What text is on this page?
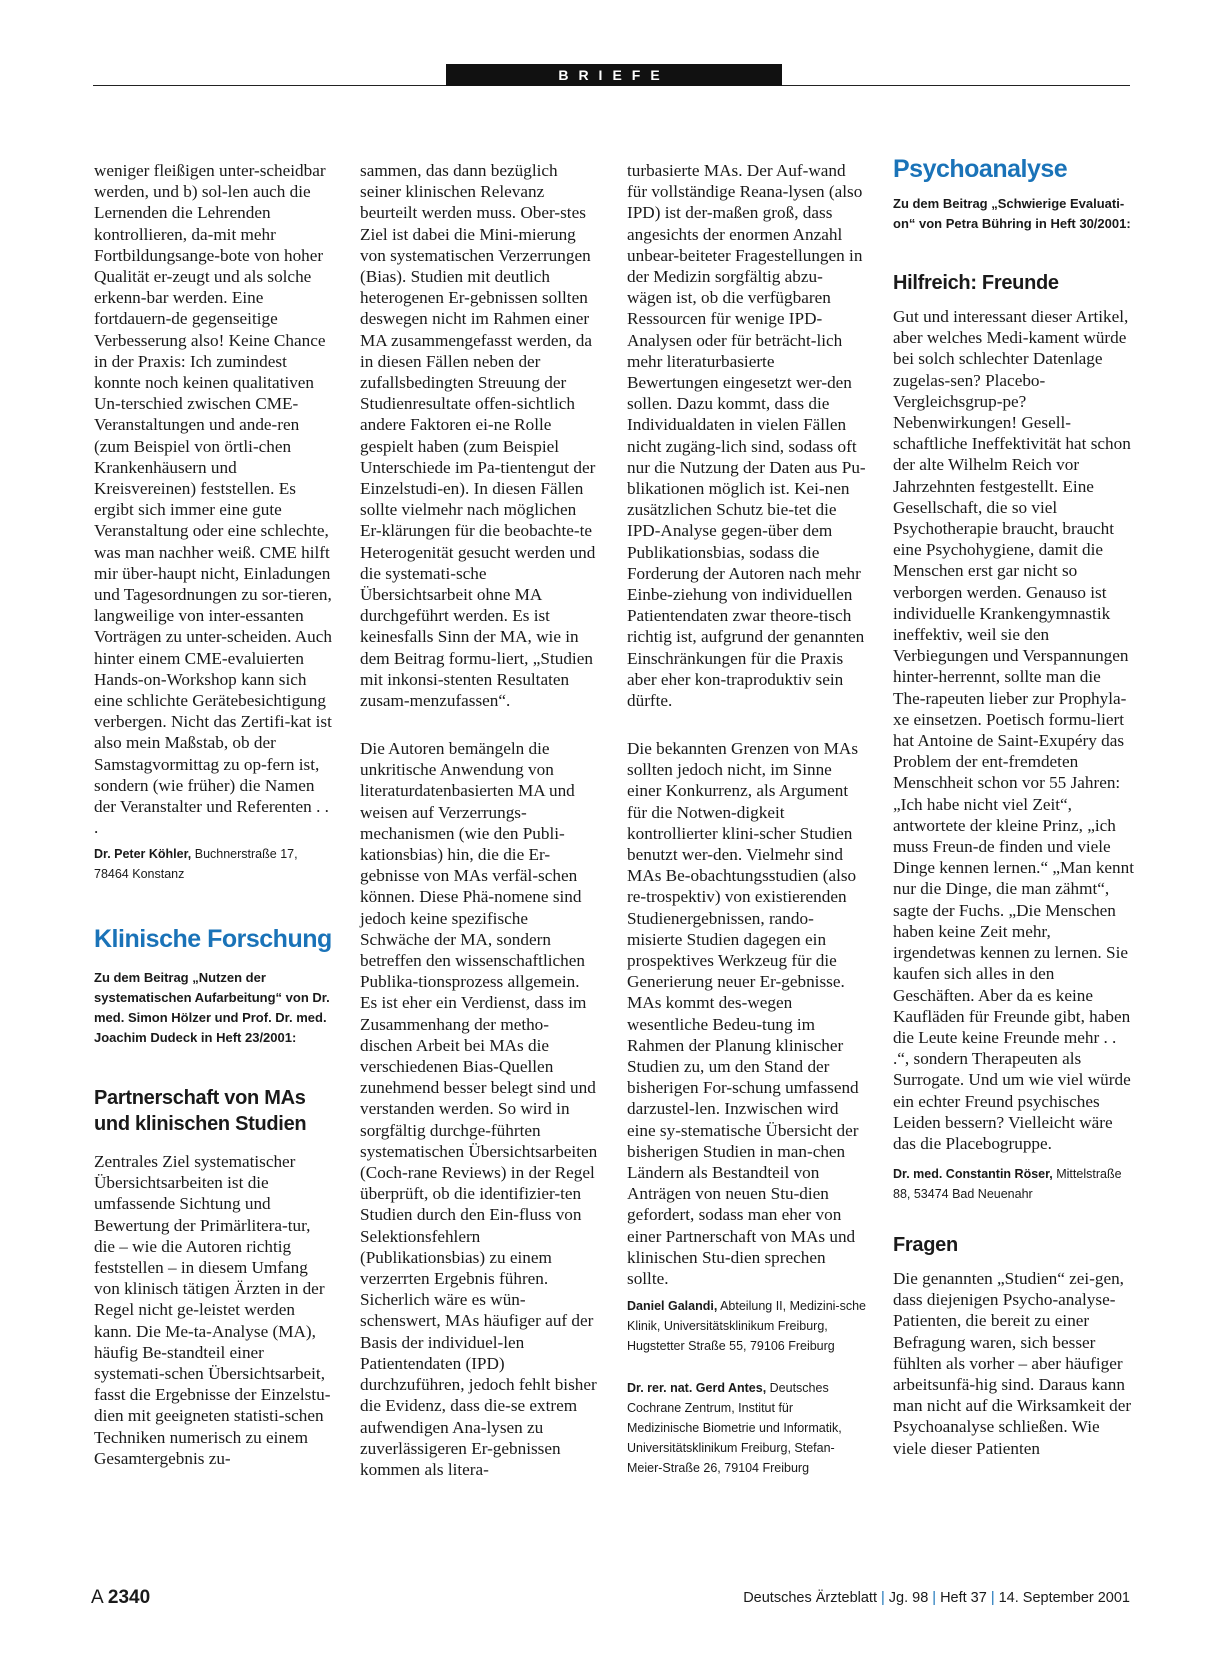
BRIEFE

weniger fleißigen unter-scheidbar werden, und b) sol-len auch die Lernenden die Lehrenden kontrollieren, da-mit mehr Fortbildungsange-bote von hoher Qualität er-zeugt und als solche erkenn-bar werden. Eine fortdauern-de gegenseitige Verbesserung also! Keine Chance in der Praxis: Ich zumindest konnte noch keinen qualitativen Un-terschied zwischen CME-Veranstaltungen und ande-ren (zum Beispiel von örtli-chen Krankenhäusern und Kreisvereinen) feststellen. Es ergibt sich immer eine gute Veranstaltung oder eine schlechte, was man nachher weiß. CME hilft mir über-haupt nicht, Einladungen und Tagesordnungen zu sor-tieren, langweilige von inter-essanten Vorträgen zu unter-scheiden. Auch hinter einem CME-evaluierten Hands-on-Workshop kann sich eine schlichte Gerätebesichtigung verbergen. Nicht das Zertifi-kat ist also mein Maßstab, ob der Samstagvormittag zu op-fern ist, sondern (wie früher) die Namen der Veranstalter und Referenten . . .

Dr. Peter Köhler, Buchnerstraße 17, 78464 Konstanz

Klinische Forschung

Zu dem Beitrag „Nutzen der systematischen Aufarbeitung“ von Dr. med. Simon Hölzer und Prof. Dr. med. Joachim Dudeck in Heft 23/2001:

Partnerschaft von MAs und klinischen Studien

Zentrales Ziel systematischer Übersichtsarbeiten ist die umfassende Sichtung und Bewertung der Primärlitera-tur, die – wie die Autoren richtig feststellen – in diesem Umfang von klinisch tätigen Ärzten in der Regel nicht ge-leistet werden kann. Die Me-ta-Analyse (MA), häufig Be-standteil einer systemati-schen Übersichtsarbeit, fasst die Ergebnisse der Einzelstu-dien mit geeigneten statisti-schen Techniken numerisch zu einem Gesamtergebnis zu-

sammen, das dann bezüglich seiner klinischen Relevanz beurteilt werden muss. Ober-stes Ziel ist dabei die Mini-mierung von systematischen Verzerrungen (Bias). Studien mit deutlich heterogenen Er-gebnissen sollten deswegen nicht im Rahmen einer MA zusammengefasst werden, da in diesen Fällen neben der zufallsbedingten Streuung der Studienresultate offen-sichtlich andere Faktoren ei-ne Rolle gespielt haben (zum Beispiel Unterschiede im Pa-tientengut der Einzelstudi-en). In diesen Fällen sollte vielmehr nach möglichen Er-klärungen für die beobachte-te Heterogenität gesucht werden und die systemati-sche Übersichtsarbeit ohne MA durchgeführt werden. Es ist keinesfalls Sinn der MA, wie in dem Beitrag formu-liert, „Studien mit inkonsi-stenten Resultaten zusam-menzufassen“.

Die Autoren bemängeln die unkritische Anwendung von literaturdatenbasierten MA und weisen auf Verzerrungs-mechanismen (wie den Publi-kationsbias) hin, die die Er-gebnisse von MAs verfäl-schen können. Diese Phä-nomene sind jedoch keine spezifische Schwäche der MA, sondern betreffen den wissenschaftlichen Publika-tionsprozess allgemein. Es ist eher ein Verdienst, dass im Zusammenhang der metho-dischen Arbeit bei MAs die verschiedenen Bias-Quellen zunehmend besser belegt sind und verstanden werden. So wird in sorgfältig durchge-führten systematischen Übersichtsarbeiten (Coch-rane Reviews) in der Regel überprüft, ob die identifizier-ten Studien durch den Ein-fluss von Selektionsfehlern (Publikationsbias) zu einem verzerrten Ergebnis führen. Sicherlich wäre es wün-schenswert, MAs häufiger auf der Basis der individuel-len Patientendaten (IPD) durchzuführen, jedoch fehlt bisher die Evidenz, dass die-se extrem aufwendigen Ana-lysen zu zuverlässigeren Er-gebnissen kommen als litera-

turbasierte MAs. Der Auf-wand für vollständige Reana-lysen (also IPD) ist der-maßen groß, dass angesichts der enormen Anzahl unbear-beiteter Fragestellungen in der Medizin sorgfältig abzu-wägen ist, ob die verfügbaren Ressourcen für wenige IPD-Analysen oder für beträcht-lich mehr literaturbasierte Bewertungen eingesetzt wer-den sollen. Dazu kommt, dass die Individualdaten in vielen Fällen nicht zugäng-lich sind, sodass oft nur die Nutzung der Daten aus Pu-blikationen möglich ist. Kei-nen zusätzlichen Schutz bie-tet die IPD-Analyse gegen-über dem Publikationsbias, sodass die Forderung der Autoren nach mehr Einbe-ziehung von individuellen Patientendaten zwar theore-tisch richtig ist, aufgrund der genannten Einschränkungen für die Praxis aber eher kon-traproduktiv sein dürfte.

Die bekannten Grenzen von MAs sollten jedoch nicht, im Sinne einer Konkurrenz, als Argument für die Notwen-digkeit kontrollierter klini-scher Studien benutzt wer-den. Vielmehr sind MAs Be-obachtungsstudien (also re-trospektiv) von existierenden Studienergebnissen, rando-misierte Studien dagegen ein prospektives Werkzeug für die Generierung neuer Er-gebnisse. MAs kommt des-wegen wesentliche Bedeu-tung im Rahmen der Planung klinischer Studien zu, um den Stand der bisherigen For-schung umfassend darzustel-len. Inzwischen wird eine sy-stematische Übersicht der bisherigen Studien in man-chen Ländern als Bestandteil von Anträgen von neuen Stu-dien gefordert, sodass man eher von einer Partnerschaft von MAs und klinischen Stu-dien sprechen sollte.

Daniel Galandi, Abteilung II, Medizini-sche Klinik, Universitätsklinikum Freiburg, Hugstetter Straße 55, 79106 Freiburg

Dr. rer. nat. Gerd Antes, Deutsches Cochrane Zentrum, Institut für Medizinische Biometrie und Informatik, Universitätsklinikum Freiburg, Stefan-Meier-Straße 26, 79104 Freiburg

Psychoanalyse

Zu dem Beitrag „Schwierige Evaluati-on“ von Petra Bühring in Heft 30/2001:

Hilfreich: Freunde

Gut und interessant dieser Artikel, aber welches Medi-kament würde bei solch schlechter Datenlage zugelas-sen? Placebo-Vergleichsgrup-pe? Nebenwirkungen! Gesell-schaftliche Ineffektivität hat schon der alte Wilhelm Reich vor Jahrzehnten festgestellt. Eine Gesellschaft, die so viel Psychotherapie braucht, braucht eine Psychohygiene, damit die Menschen erst gar nicht so verborgen werden. Genauso ist individuelle Krankengymnastik ineffektiv, weil sie den Verbiegungen und Verspannungen hinter-herrennt, sollte man die The-rapeuten lieber zur Prophyla-xe einsetzen. Poetisch formu-liert hat Antoine de Saint-Exupéry das Problem der ent-fremdeten Menschheit schon vor 55 Jahren: „Ich habe nicht viel Zeit“, antwortete der kleine Prinz, „ich muss Freun-de finden und viele Dinge kennen lernen.“ „Man kennt nur die Dinge, die man zähmt“, sagte der Fuchs. „Die Menschen haben keine Zeit mehr, irgendetwas kennen zu lernen. Sie kaufen sich alles in den Geschäften. Aber da es keine Kaufläden für Freunde gibt, haben die Leute keine Freunde mehr . . .“, sondern Therapeuten als Surrogate. Und um wie viel würde ein echter Freund psychisches Leiden bessern? Vielleicht wäre das die Placebogruppe.

Dr. med. Constantin Röser, Mittelstraße 88, 53474 Bad Neuenahr

Fragen

Die genannten „Studien“ zei-gen, dass diejenigen Psycho-analyse-Patienten, die bereit zu einer Befragung waren, sich besser fühlten als vorher – aber häufiger arbeitsunfä-hig sind. Daraus kann man nicht auf die Wirksamkeit der Psychoanalyse schließen. Wie viele dieser Patienten

A 2340	Deutsches Ärzteblatt | Jg. 98 | Heft 37 | 14. September 2001
